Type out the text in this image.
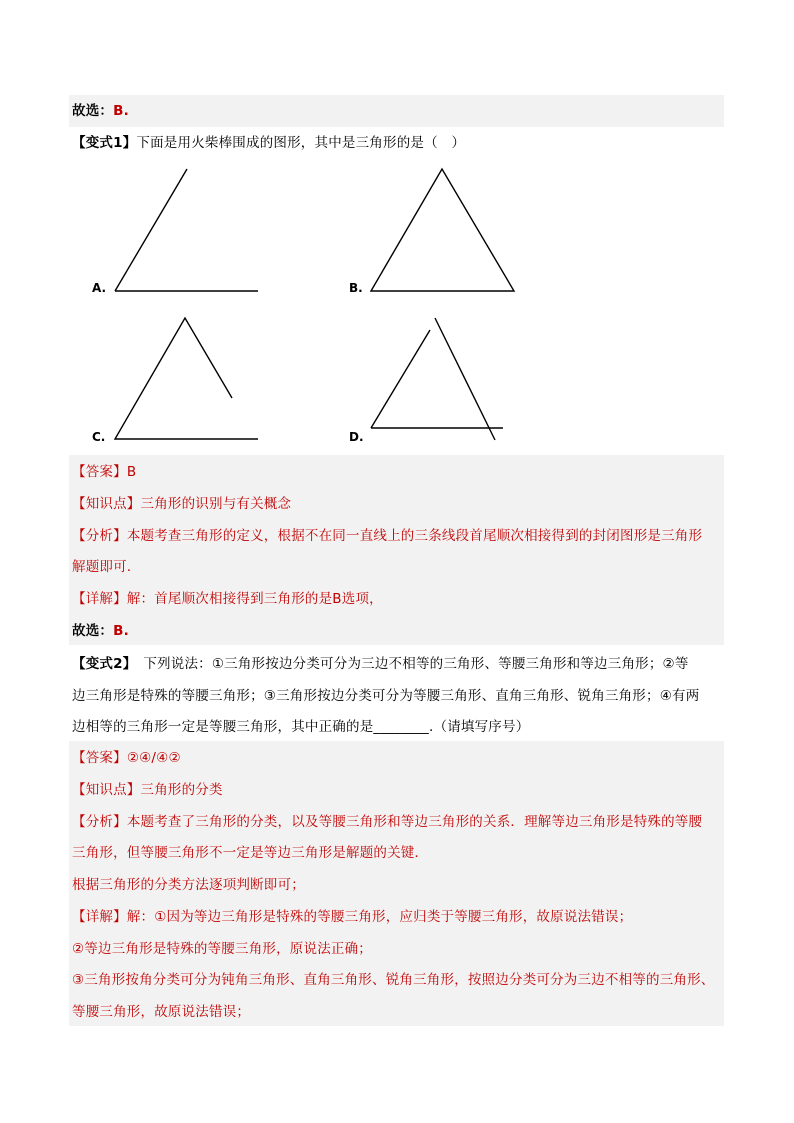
故选：B.
【变式1】下面是用火柴棒围成的图形，其中是三角形的是（　）
A.	B.
C.	D.
【答案】B
【知识点】三角形的识别与有关概念
【分析】本题考查三角形的定义，根据不在同一直线上的三条线段首尾顺次相接得到的封闭图形是三角形
解题即可.
【详解】解：首尾顺次相接得到三角形的是B选项，
故选：B.
【变式2】　下列说法：①三角形按边分类可分为三边不相等的三角形、等腰三角形和等边三角形；②等
边三角形是特殊的等腰三角形；③三角形按边分类可分为等腰三角形、直角三角形、锐角三角形；④有两
边相等的三角形一定是等腰三角形，其中正确的是________.（请填写序号）
【答案】②④/④②
【知识点】三角形的分类
【分析】本题考查了三角形的分类，以及等腰三角形和等边三角形的关系．理解等边三角形是特殊的等腰
三角形，但等腰三角形不一定是等边三角形是解题的关键．
根据三角形的分类方法逐项判断即可；
【详解】解：①因为等边三角形是特殊的等腰三角形，应归类于等腰三角形，故原说法错误；
②等边三角形是特殊的等腰三角形，原说法正确；
③三角形按角分类可分为钝角三角形、直角三角形、锐角三角形，按照边分类可分为三边不相等的三角形、
等腰三角形，故原说法错误；
